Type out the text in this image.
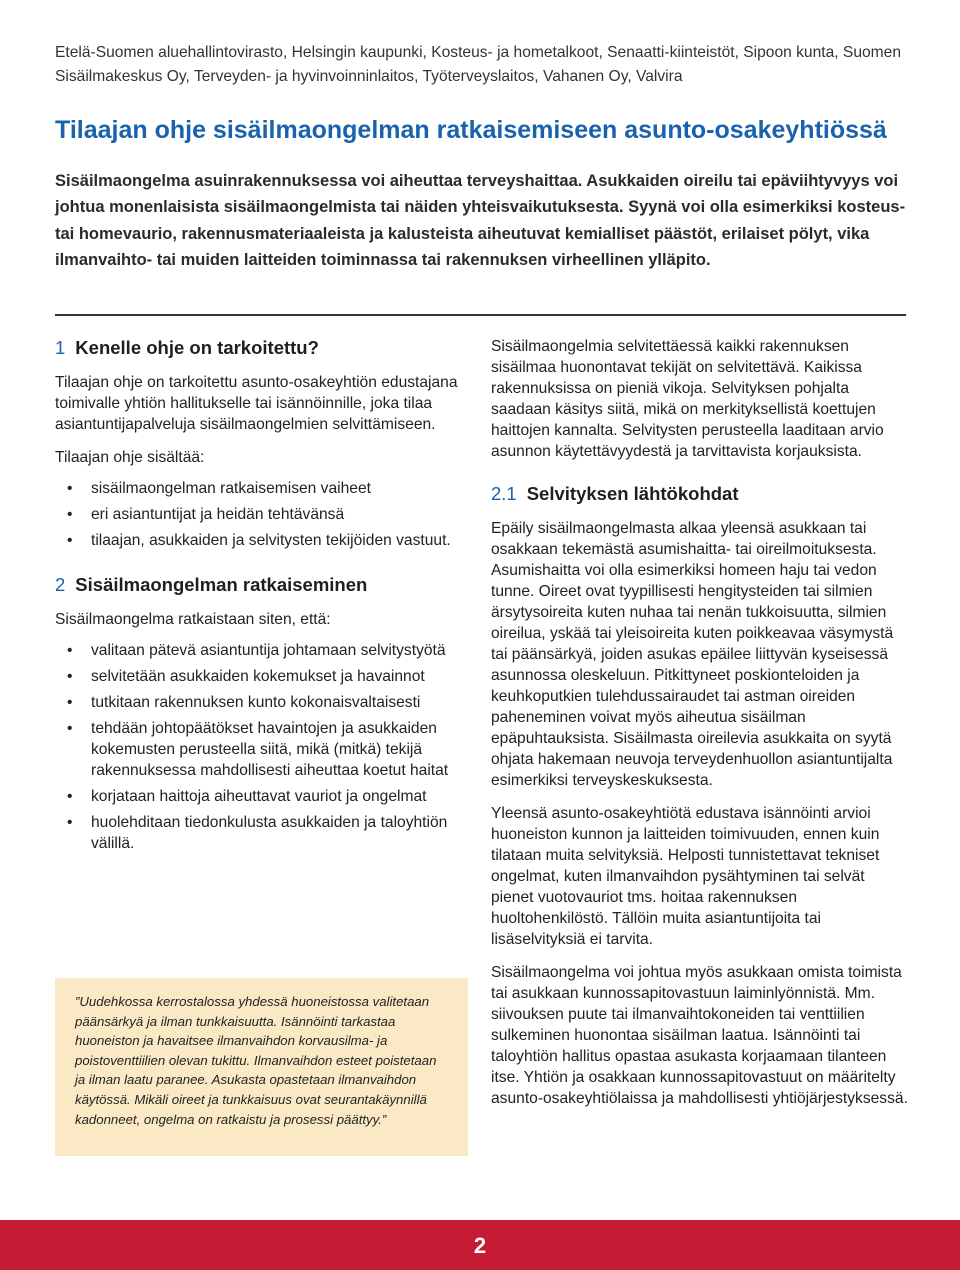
Etelä-Suomen aluehallintovirasto, Helsingin kaupunki, Kosteus- ja hometalkoot, Senaatti-kiinteistöt, Sipoon kunta, Suomen Sisäilmakeskus Oy, Terveyden- ja hyvinvoinninlaitos, Työterveyslaitos, Vahanen Oy, Valvira
Tilaajan ohje sisäilmaongelman ratkaisemiseen asunto-osakeyhtiössä

Sisäilmaongelma asuinrakennuksessa voi aiheuttaa terveyshaittaa. Asukkaiden oireilu tai epäviihtyvyys voi johtua monenlaisista sisäilmaongelmista tai näiden yhteisvaikutuksesta. Syynä voi olla esimerkiksi kosteus- tai homevaurio, rakennusmateriaaleista ja kalusteista aiheutuvat kemialliset päästöt, erilaiset pölyt, vika ilmanvaihto- tai muiden laitteiden toiminnassa tai rakennuksen virheellinen ylläpito.

1 Kenelle ohje on tarkoitettu?

Tilaajan ohje on tarkoitettu asunto-osakeyhtiön edustajana toimivalle yhtiön hallitukselle tai isännöinnille, joka tilaa asiantuntijapalveluja sisäilmaongelmien selvittämiseen.

Tilaajan ohje sisältää:

• sisäilmaongelman ratkaisemisen vaiheet
• eri asiantuntijat ja heidän tehtävänsä
• tilaajan, asukkaiden ja selvitysten tekijöiden vastuut.
2 Sisäilmaongelman ratkaiseminen

Sisäilmaongelma ratkaistaan siten, että:

• valitaan pätevä asiantuntija johtamaan selvitystyötä
• selvitetään asukkaiden kokemukset ja havainnot
• tutkitaan rakennuksen kunto kokonaisvaltaisesti
• tehdään johtopäätökset havaintojen ja asukkaiden kokemusten perusteella siitä, mikä (mitkä) tekijä rakennuksessa mahdollisesti aiheuttaa koetut haitat
• korjataan haittoja aiheuttavat vauriot ja ongelmat
• huolehditaan tiedonkulusta asukkaiden ja taloyhtiön välillä.
”Uudehkossa kerrostalossa yhdessä huoneistossa valitetaan päänsärkyä ja ilman tunkkaisuutta. Isännöinti tarkastaa huoneiston ja havaitsee ilmanvaihdon korvausilma- ja poistoventtiilien olevan tukittu. Ilmanvaihdon esteet poistetaan ja ilman laatu paranee. Asukasta opastetaan ilmanvaihdon käytössä. Mikäli oireet ja tunkkaisuus ovat seurantakäynnillä kadonneet, ongelma on ratkaistu ja prosessi päättyy.”

Sisäilmaongelmia selvitettäessä kaikki rakennuksen sisäilmaa huonontavat tekijät on selvitettävä. Kaikissa rakennuksissa on pieniä vikoja. Selvityksen pohjalta saadaan käsitys siitä, mikä on merkityksellistä koettujen haittojen kannalta. Selvitysten perusteella laaditaan arvio asunnon käytettävyydestä ja tarvittavista korjauksista.

2.1 Selvityksen lähtökohdat

Epäily sisäilmaongelmasta alkaa yleensä asukkaan tai osakkaan tekemästä asumishaitta- tai oireilmoituksesta. Asumishaitta voi olla esimerkiksi homeen haju tai vedon tunne. Oireet ovat tyypillisesti hengitysteiden tai silmien ärsytysoireita kuten nuhaa tai nenän tukkoisuutta, silmien oireilua, yskää tai yleisoireita kuten poikkeavaa väsymystä tai päänsärkyä, joiden asukas epäilee liittyvän kyseisessä asunnossa oleskeluun. Pitkittyneet poskionteloiden ja keuhkoputkien tulehdussairaudet tai astman oireiden paheneminen voivat myös aiheutua sisäilman epäpuhtauksista. Sisäilmasta oireilevia asukkaita on syytä ohjata hakemaan neuvoja terveydenhuollon asiantuntijalta esimerkiksi terveyskeskuksesta.

Yleensä asunto-osakeyhtiötä edustava isännöinti arvioi huoneiston kunnon ja laitteiden toimivuuden, ennen kuin tilataan muita selvityksiä. Helposti tunnistettavat tekniset ongelmat, kuten ilmanvaihdon pysähtyminen tai selvät pienet vuotovauriot tms. hoitaa rakennuksen huoltohenkilöstö. Tällöin muita asiantuntijoita tai lisäselvityksiä ei tarvita.

Sisäilmaongelma voi johtua myös asukkaan omista toimista tai asukkaan kunnossapitovastuun laiminlyönnistä. Mm. siivouksen puute tai ilmanvaihtokoneiden tai venttiilien sulkeminen huonontaa sisäilman laatua. Isännöinti tai taloyhtiön hallitus opastaa asukasta korjaamaan tilanteen itse. Yhtiön ja osakkaan kunnossapitovastuut on määritelty asunto-osakeyhtiölaissa ja mahdollisesti yhtiöjärjestyksessä.

2
